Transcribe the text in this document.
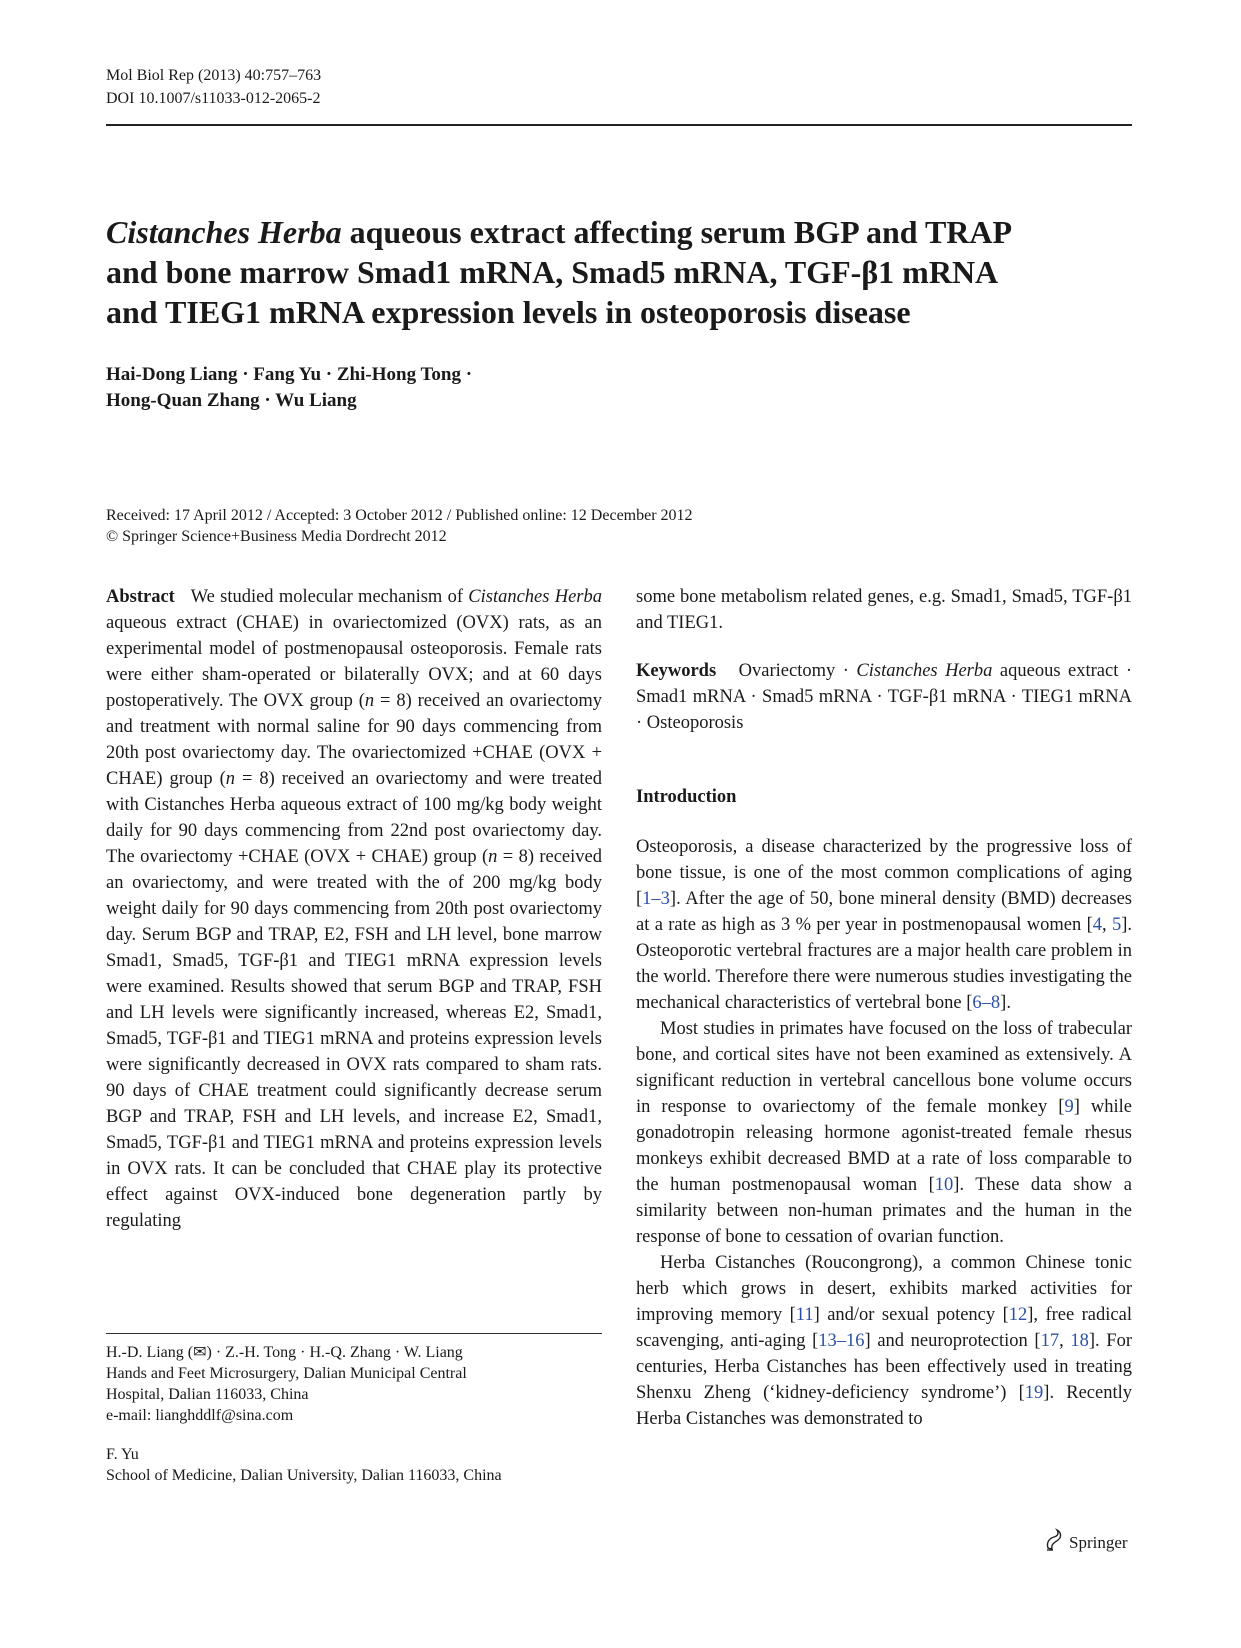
Mol Biol Rep (2013) 40:757–763
DOI 10.1007/s11033-012-2065-2
Cistanches Herba aqueous extract affecting serum BGP and TRAP
and bone marrow Smad1 mRNA, Smad5 mRNA, TGF-β1 mRNA
and TIEG1 mRNA expression levels in osteoporosis disease
Hai-Dong Liang · Fang Yu · Zhi-Hong Tong ·
Hong-Quan Zhang · Wu Liang
Received: 17 April 2012 / Accepted: 3 October 2012 / Published online: 12 December 2012
© Springer Science+Business Media Dordrecht 2012

Abstract We studied molecular mechanism of Cistanches Herba aqueous extract (CHAE) in ovariectomized (OVX) rats, as an experimental model of postmenopausal osteoporosis. Female rats were either sham-operated or bilaterally OVX; and at 60 days postoperatively. The OVX group (n = 8) received an ovariectomy and treatment with normal saline for 90 days commencing from 20th post ovariectomy day. The ovariectomized +CHAE (OVX + CHAE) group (n = 8) received an ovariectomy and were treated with Cistanches Herba aqueous extract of 100 mg/kg body weight daily for 90 days commencing from 22nd post ovariectomy day. The ovariectomy +CHAE (OVX + CHAE) group (n = 8) received an ovariectomy, and were treated with the of 200 mg/kg body weight daily for 90 days commencing from 20th post ovariectomy day. Serum BGP and TRAP, E2, FSH and LH level, bone marrow Smad1, Smad5, TGF-β1 and TIEG1 mRNA expression levels were examined. Results showed that serum BGP and TRAP, FSH and LH levels were significantly increased, whereas E2, Smad1, Smad5, TGF-β1 and TIEG1 mRNA and proteins expression levels were significantly decreased in OVX rats compared to sham rats. 90 days of CHAE treatment could significantly decrease serum BGP and TRAP, FSH and LH levels, and increase E2, Smad1, Smad5, TGF-β1 and TIEG1 mRNA and proteins expression levels in OVX rats. It can be concluded that CHAE play its protective effect against OVX-induced bone degeneration partly by regulating

some bone metabolism related genes, e.g. Smad1, Smad5, TGF-β1 and TIEG1.

Keywords Ovariectomy · Cistanches Herba aqueous extract · Smad1 mRNA · Smad5 mRNA · TGF-β1 mRNA · TIEG1 mRNA · Osteoporosis

Introduction

Osteoporosis, a disease characterized by the progressive loss of bone tissue, is one of the most common complications of aging [1–3]. After the age of 50, bone mineral density (BMD) decreases at a rate as high as 3 % per year in postmenopausal women [4, 5]. Osteoporotic vertebral fractures are a major health care problem in the world. Therefore there were numerous studies investigating the mechanical characteristics of vertebral bone [6–8].

Most studies in primates have focused on the loss of trabecular bone, and cortical sites have not been examined as extensively. A significant reduction in vertebral cancellous bone volume occurs in response to ovariectomy of the female monkey [9] while gonadotropin releasing hormone agonist-treated female rhesus monkeys exhibit decreased BMD at a rate of loss comparable to the human postmenopausal woman [10]. These data show a similarity between non-human primates and the human in the response of bone to cessation of ovarian function.

Herba Cistanches (Roucongrong), a common Chinese tonic herb which grows in desert, exhibits marked activities for improving memory [11] and/or sexual potency [12], free radical scavenging, anti-aging [13–16] and neuroprotection [17, 18]. For centuries, Herba Cistanches has been effectively used in treating Shenxu Zheng (‘kidney-deficiency syndrome’) [19]. Recently Herba Cistanches was demonstrated to

H.-D. Liang (✉) · Z.-H. Tong · H.-Q. Zhang · W. Liang
Hands and Feet Microsurgery, Dalian Municipal Central
Hospital, Dalian 116033, China
e-mail: lianghddlf@sina.com
F. Yu
School of Medicine, Dalian University, Dalian 116033, China
Springer
